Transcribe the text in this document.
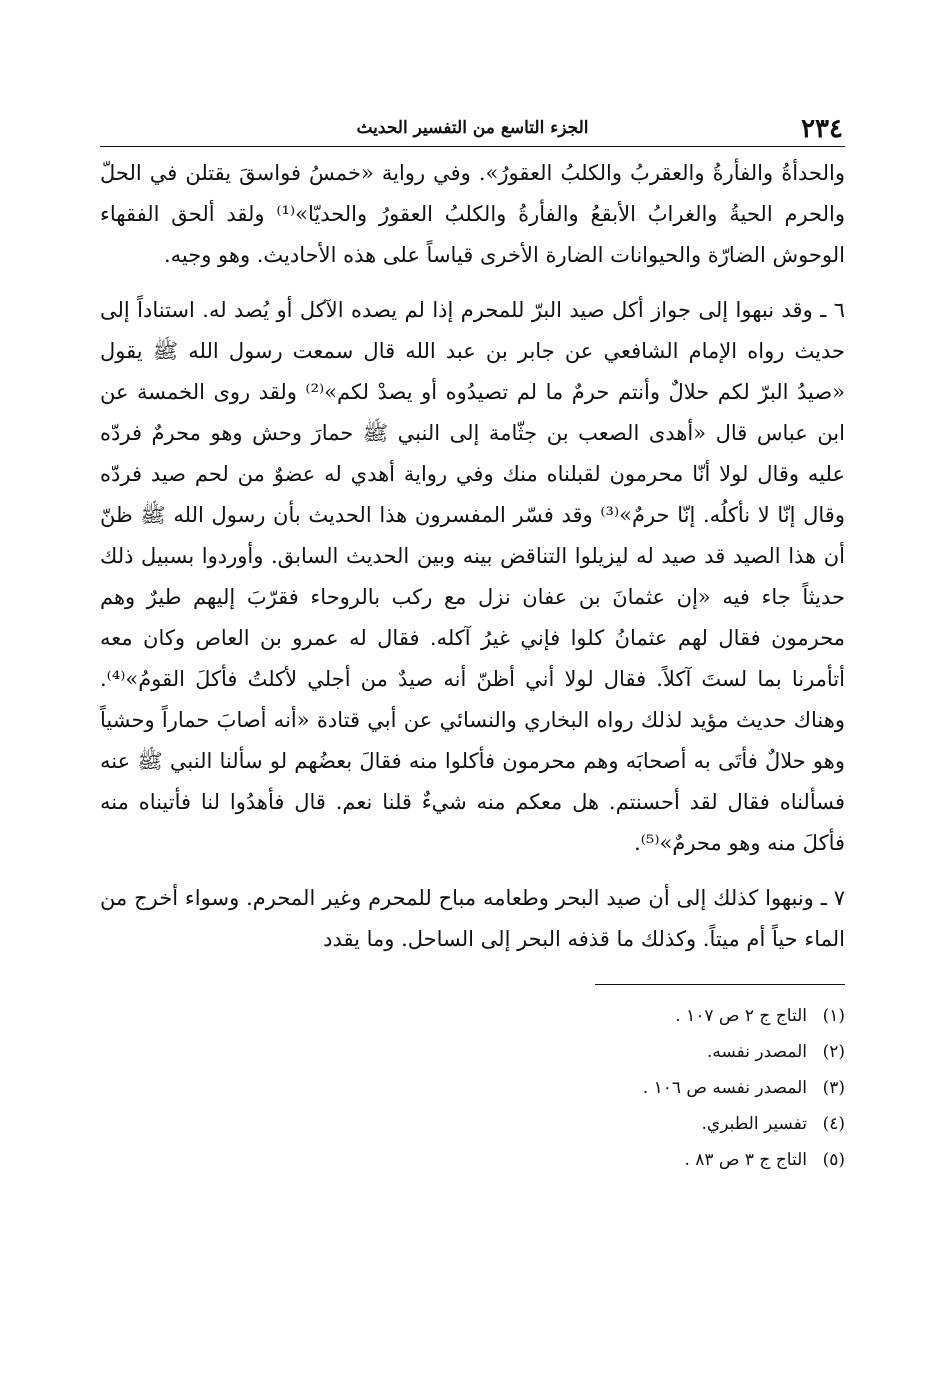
٢٣٤
الجزء التاسع من التفسير الحديث

والحدأةُ والفأرةُ والعقربُ والكلبُ العقورُ». وفي رواية «خمسُ فواسقَ يقتلن في الحلّ والحرم الحيةُ والغرابُ الأبقعُ والفأرةُ والكلبُ العقورُ والحديّا»⁽¹⁾ ولقد ألحق الفقهاء الوحوش الضارّة والحيوانات الضارة الأخرى قياساً على هذه الأحاديث. وهو وجيه.

٦ ـ وقد نبهوا إلى جواز أكل صيد البرّ للمحرم إذا لم يصده الآكل أو يُصد له. استناداً إلى حديث رواه الإمام الشافعي عن جابر بن عبد الله قال سمعت رسول الله ﷺ يقول «صيدُ البرّ لكم حلالٌ وأنتم حرمٌ ما لم تصيدُوه أو يصدْ لكم»⁽²⁾ ولقد روى الخمسة عن ابن عباس قال «أهدى الصعب بن جثّامة إلى النبي ﷺ حمارَ وحش وهو محرمٌ فردّه عليه وقال لولا أنّا محرمون لقبلناه منك وفي رواية أهدي له عضوٌ من لحم صيد فردّه وقال إنّا لا نأكلُه. إنّا حرمٌ»⁽³⁾ وقد فسّر المفسرون هذا الحديث بأن رسول الله ﷺ ظنّ أن هذا الصيد قد صيد له ليزيلوا التناقض بينه وبين الحديث السابق. وأوردوا بسبيل ذلك حديثاً جاء فيه «إن عثمانَ بن عفان نزل مع ركب بالروحاء فقرّبَ إليهم طيرٌ وهم محرمون فقال لهم عثمانُ كلوا فإني غيرُ آكله. فقال له عمرو بن العاص وكان معه أتأمرنا بما لستَ آكلاً. فقال لولا أني أظنّ أنه صيدٌ من أجلي لأكلتُ فأكلَ القومُ»⁽⁴⁾. وهناك حديث مؤيد لذلك رواه البخاري والنسائي عن أبي قتادة «أنه أصابَ حماراً وحشياً وهو حلالٌ فأتَى به أصحابَه وهم محرمون فأكلوا منه فقالَ بعضُهم لو سألنا النبي ﷺ عنه فسألناه فقال لقد أحسنتم. هل معكم منه شيءٌ قلنا نعم. قال فأهدُوا لنا فأتيناه منه فأكلَ منه وهو محرمٌ»⁽⁵⁾.

٧ ـ ونبهوا كذلك إلى أن صيد البحر وطعامه مباح للمحرم وغير المحرم. وسواء أخرج من الماء حياً أم ميتاً. وكذلك ما قذفه البحر إلى الساحل. وما يقدد

(١)التاج ج ٢ ص ١٠٧ .
(٢)المصدر نفسه.
(٣)المصدر نفسه ص ١٠٦ .
(٤)تفسير الطبري.
(٥)التاج ج ٣ ص ٨٣ .
